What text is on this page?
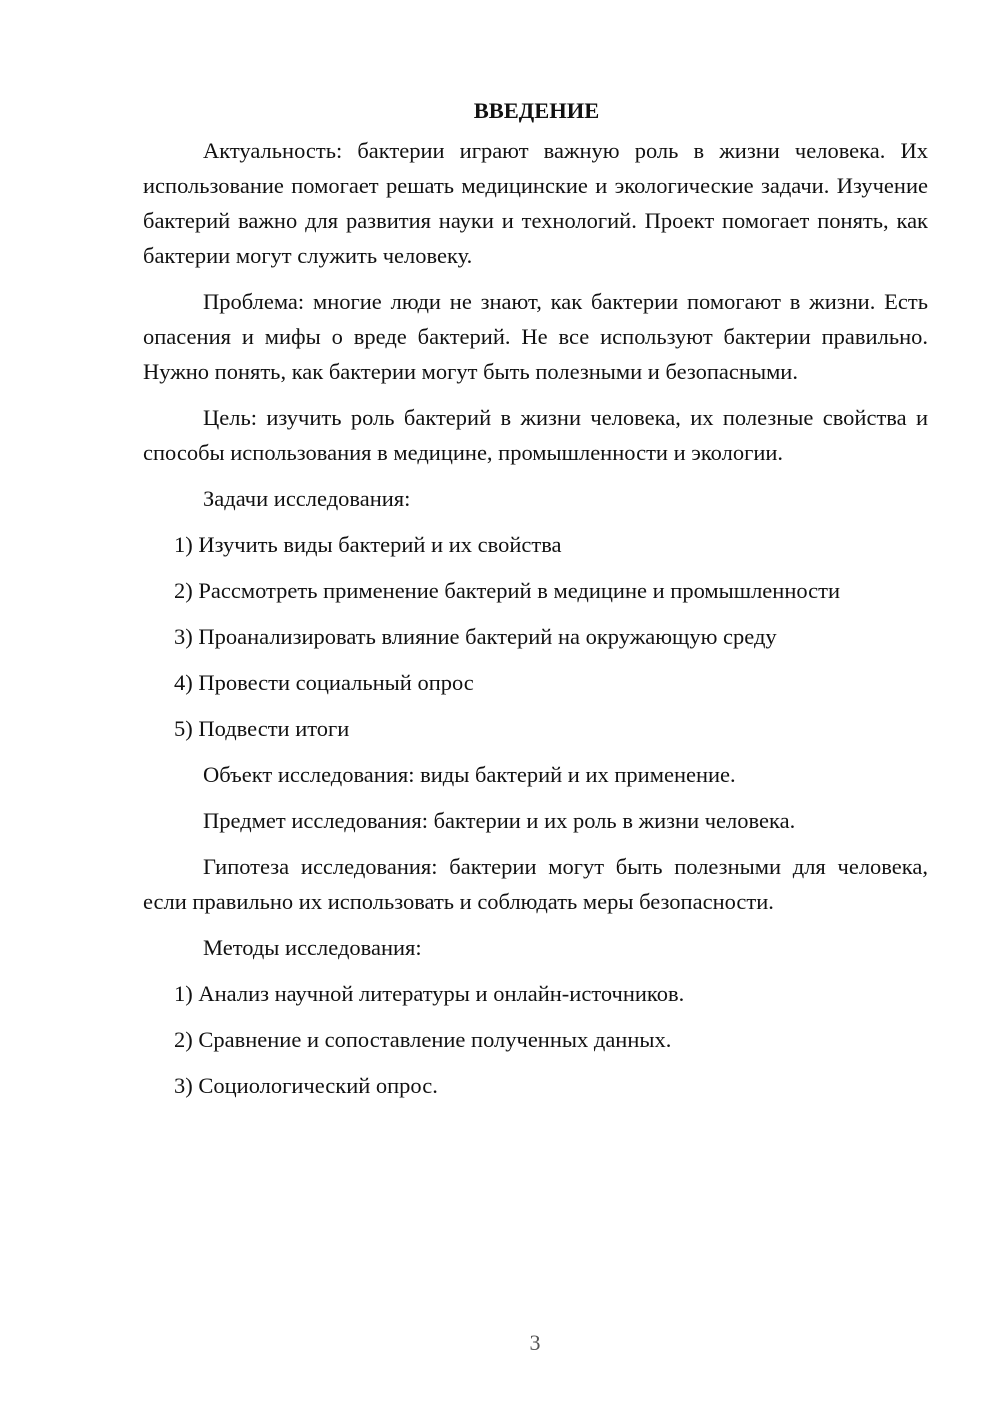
ВВЕДЕНИЕ

Актуальность: бактерии играют важную роль в жизни человека. Их использование помогает решать медицинские и экологические задачи. Изучение бактерий важно для развития науки и технологий. Проект помогает понять, как бактерии могут служить человеку.

Проблема: многие люди не знают, как бактерии помогают в жизни. Есть опасения и мифы о вреде бактерий. Не все используют бактерии правильно. Нужно понять, как бактерии могут быть полезными и безопасными.

Цель: изучить роль бактерий в жизни человека, их полезные свойства и способы использования в медицине, промышленности и экологии.

Задачи исследования:

1) Изучить виды бактерий и их свойства
2) Рассмотреть применение бактерий в медицине и промышленности
3) Проанализировать влияние бактерий на окружающую среду
4) Провести социальный опрос
5) Подвести итоги

Объект исследования: виды бактерий и их применение.

Предмет исследования: бактерии и их роль в жизни человека.

Гипотеза исследования: бактерии могут быть полезными для человека, если правильно их использовать и соблюдать меры безопасности.

Методы исследования:

1) Анализ научной литературы и онлайн-источников.
2) Сравнение и сопоставление полученных данных.
3) Социологический опрос.
3
